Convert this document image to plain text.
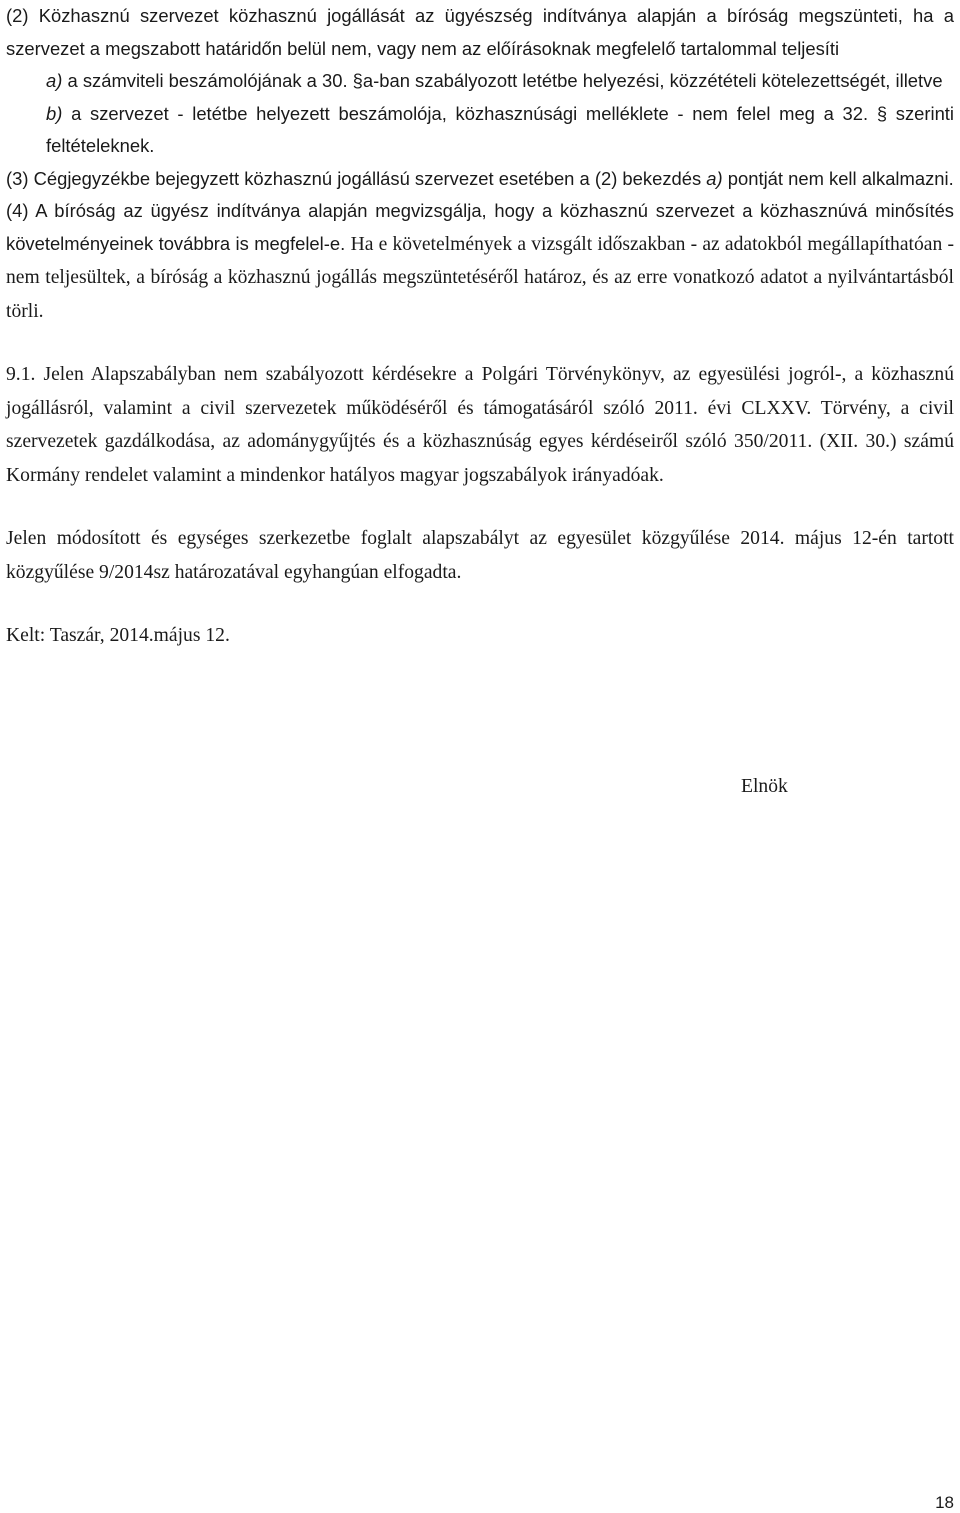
(2) Közhasznú szervezet közhasznú jogállását az ügyészség indítványa alapján a bíróság megszünteti, ha a szervezet a megszabott határidőn belül nem, vagy nem az előírásoknak megfelelő tartalommal teljesíti

a) a számviteli beszámolójának a 30. §a-ban szabályozott letétbe helyezési, közzétételi kötelezettségét, illetve

b) a szervezet - letétbe helyezett beszámolója, közhasznúsági melléklete - nem felel meg a 32. § szerinti feltételeknek.

(3) Cégjegyzékbe bejegyzett közhasznú jogállású szervezet esetében a (2) bekezdés a) pontját nem kell alkalmazni.

(4) A bíróság az ügyész indítványa alapján megvizsgálja, hogy a közhasznú szervezet a közhasznúvá minősítés követelményeinek továbbra is megfelel-e. Ha e követelmények a vizsgált időszakban - az adatokból megállapíthatóan - nem teljesültek, a bíróság a közhasznú jogállás megszüntetéséről határoz, és az erre vonatkozó adatot a nyilvántartásból törli.

9.1. Jelen Alapszabályban nem szabályozott kérdésekre a Polgári Törvénykönyv, az egyesülési jogról-, a közhasznú jogállásról, valamint a civil szervezetek működéséről és támogatásáról szóló 2011. évi CLXXV. Törvény, a civil szervezetek gazdálkodása, az adománygyűjtés és a közhasznúság egyes kérdéseiről szóló 350/2011. (XII. 30.) számú Kormány rendelet valamint a mindenkor hatályos magyar jogszabályok irányadóak.

Jelen módosított és egységes szerkezetbe foglalt alapszabályt az egyesület közgyűlése 2014. május 12-én tartott közgyűlése 9/2014sz határozatával egyhangúan elfogadta.

Kelt: Taszár, 2014.május 12.

Elnök
18
